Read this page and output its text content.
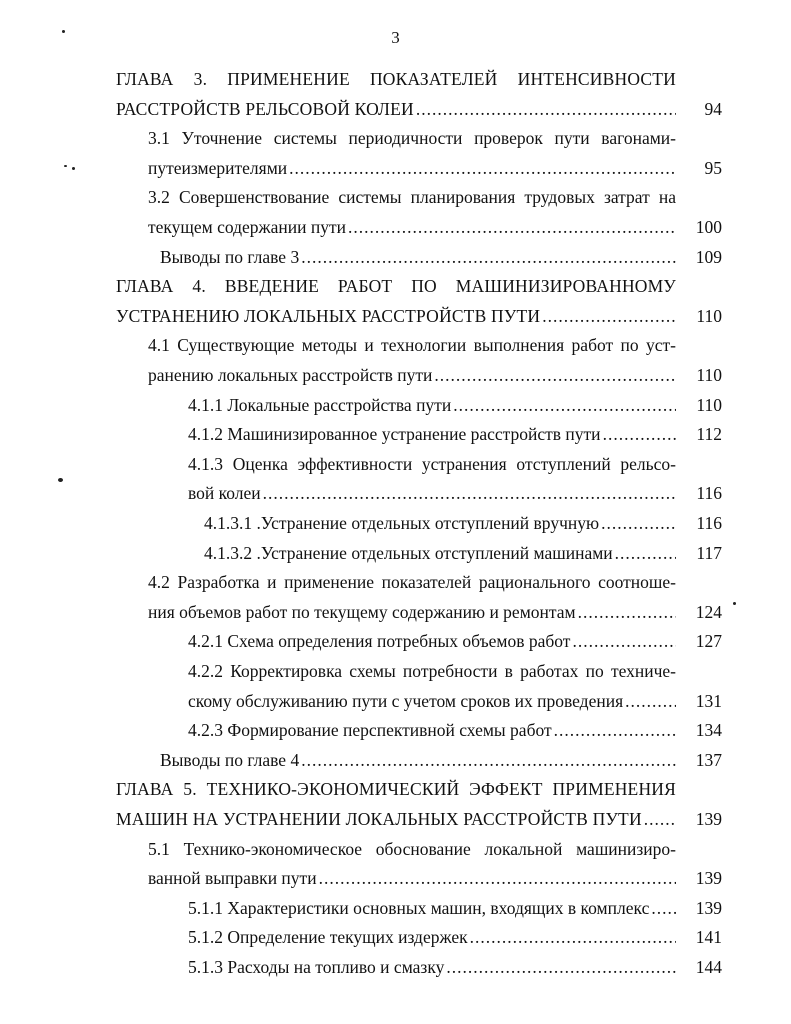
3
ГЛАВА 3. ПРИМЕНЕНИЕ ПОКАЗАТЕЛЕЙ ИНТЕНСИВНОСТИ
94
РАССТРОЙСТВ РЕЛЬСОВОЙ КОЛЕИ
.....
3.1 Уточнение системы периодичности проверок пути вагонами-
95
путеизмерителями
.....
3.2 Совершенствование системы планирования трудовых затрат на
100
текущем содержании пути
.....
109
Выводы по главе 3
.....
ГЛАВА 4. ВВЕДЕНИЕ РАБОТ ПО МАШИНИЗИРОВАННОМУ
110
УСТРАНЕНИЮ ЛОКАЛЬНЫХ РАССТРОЙСТВ ПУТИ
.....
4.1 Существующие методы и технологии выполнения работ по уст-
110
ранению локальных расстройств пути
.....
110
4.1.1 Локальные расстройства пути
.....
112
4.1.2 Машинизированное устранение расстройств пути
.....
4.1.3 Оценка эффективности устранения отступлений рельсо-
116
вой колеи
.....
116
4.1.3.1 .Устранение отдельных отступлений вручную
.....
117
4.1.3.2 .Устранение отдельных отступлений машинами
.....
4.2 Разработка и применение показателей рационального соотноше-
124
ния объемов работ по текущему содержанию и ремонтам
.....
127
4.2.1 Схема определения потребных объемов работ
.....
4.2.2 Корректировка схемы потребности в работах по техниче-
131
скому обслуживанию пути с учетом сроков их проведения
.....
134
4.2.3 Формирование перспективной схемы работ
.....
137
Выводы по главе 4
.....
ГЛАВА 5. ТЕХНИКО-ЭКОНОМИЧЕСКИЙ ЭФФЕКТ ПРИМЕНЕНИЯ
139
МАШИН НА УСТРАНЕНИИ ЛОКАЛЬНЫХ РАССТРОЙСТВ ПУТИ
.....
5.1 Технико-экономическое обоснование локальной машинизиро-
139
ванной выправки пути
.....
139
5.1.1 Характеристики основных машин, входящих в комплекс
.....
141
5.1.2 Определение текущих издержек
.....
144
5.1.3 Расходы на топливо и смазку
.....
